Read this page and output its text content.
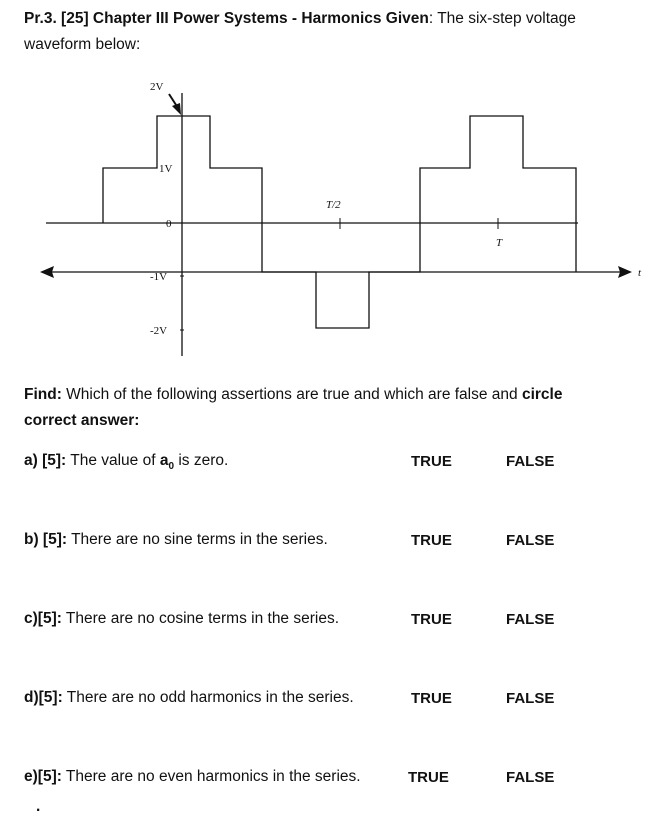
Pr.3. [25] Chapter III Power Systems - Harmonics Given: The six-step voltage
waveform below:
2V
1V
0
-1V
-2V
T/2
T
t
Find: Which of the following assertions are true and which are false and circle
correct answer:
a) [5]: The value of $a_0$ is zero.	TRUE	FALSE
b) [5]: There are no sine terms in the series.	TRUE	FALSE
c)[5]: There are no cosine terms in the series.	TRUE	FALSE
d)[5]: There are no odd harmonics in the series.	TRUE	FALSE
e)[5]: There are no even harmonics in the series.	TRUE	FALSE
.
